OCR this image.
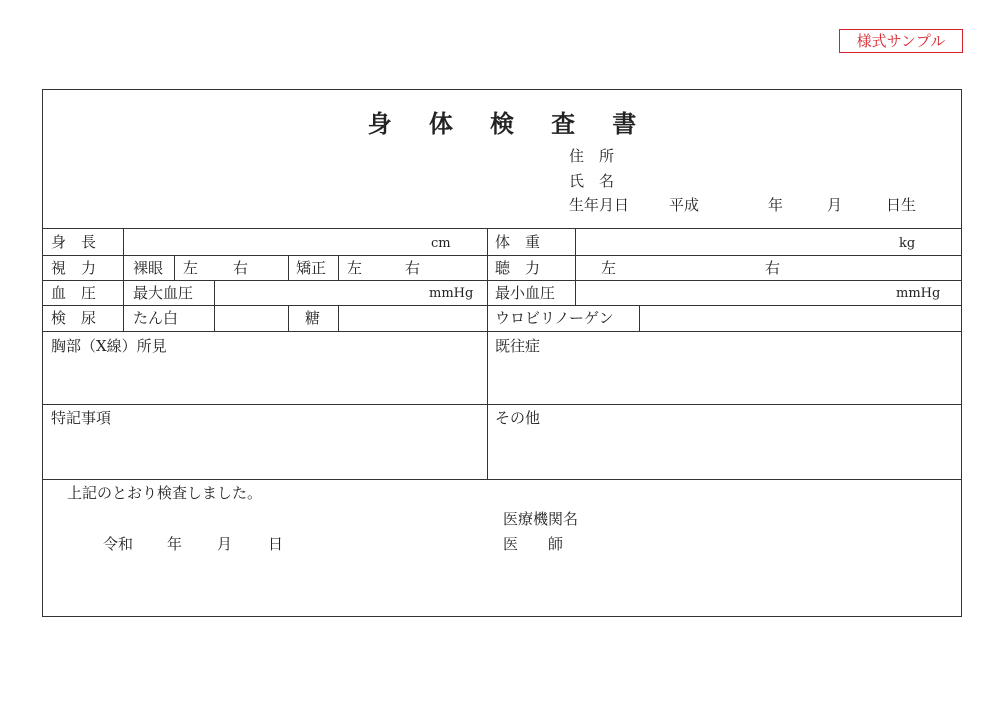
様式サンプル
身 体 検 査 書
住　所
氏　名
生年月日	平成	年	月	日生
身　長	cm	体　重	kg
視　力 裸眼 左 右	矯正 左	右	聴　力	左	右
血　圧 最大血圧	mmHg 最小血圧	mmHg
検　尿 たん白	糖	ウロビリノーゲン
胸部（X線）所見	既往症
特記事項	その他
上記のとおり検査しました。
医療機関名
令和 年 月 日	医　　師
